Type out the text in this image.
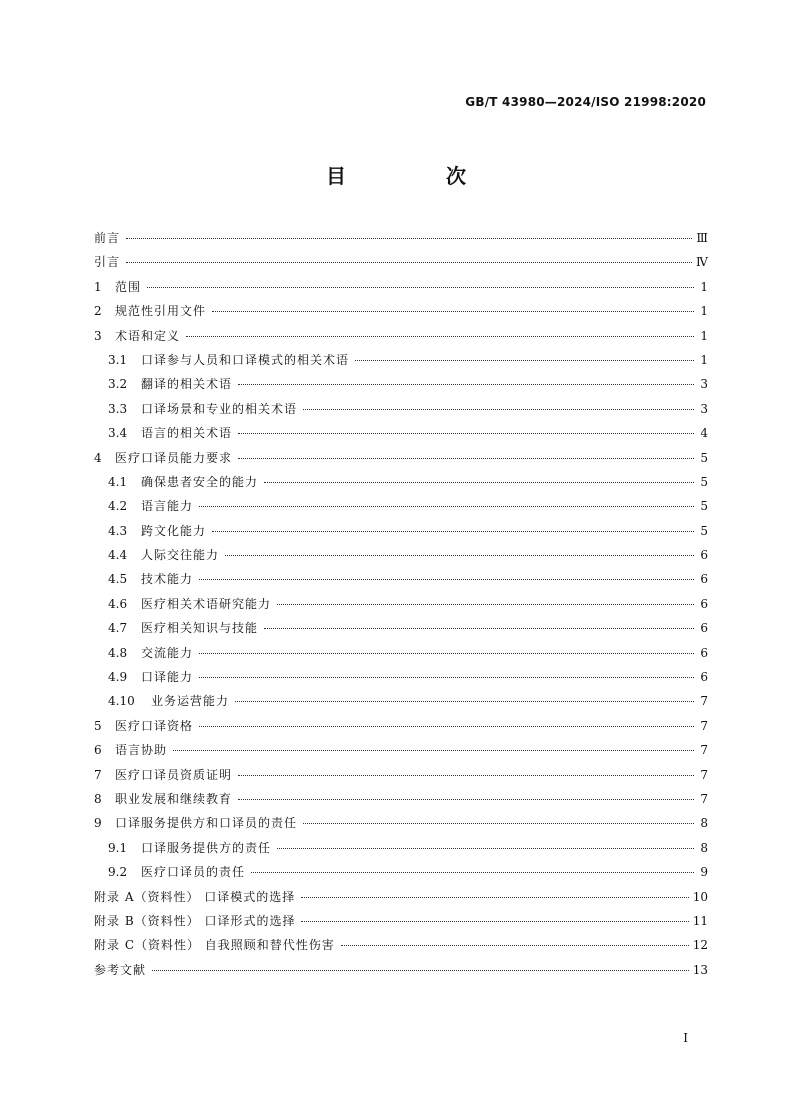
GB/T 43980—2024/ISO 21998:2020
目　次
前言	Ⅲ
引言	Ⅳ
1	范围	1
2	规范性引用文件	1
3	术语和定义	1
3.1	口译参与人员和口译模式的相关术语	1
3.2	翻译的相关术语	3
3.3	口译场景和专业的相关术语	3
3.4	语言的相关术语	4
4	医疗口译员能力要求	5
4.1	确保患者安全的能力	5
4.2	语言能力	5
4.3	跨文化能力	5
4.4	人际交往能力	6
4.5	技术能力	6
4.6	医疗相关术语研究能力	6
4.7	医疗相关知识与技能	6
4.8	交流能力	6
4.9	口译能力	6
4.10	业务运营能力	7
5	医疗口译资格	7
6	语言协助	7
7	医疗口译员资质证明	7
8	职业发展和继续教育	7
9	口译服务提供方和口译员的责任	8
9.1	口译服务提供方的责任	8
9.2	医疗口译员的责任	9
附录 A（资料性） 口译模式的选择	10
附录 B（资料性） 口译形式的选择	11
附录 C（资料性） 自我照顾和替代性伤害	12
参考文献	13
I
